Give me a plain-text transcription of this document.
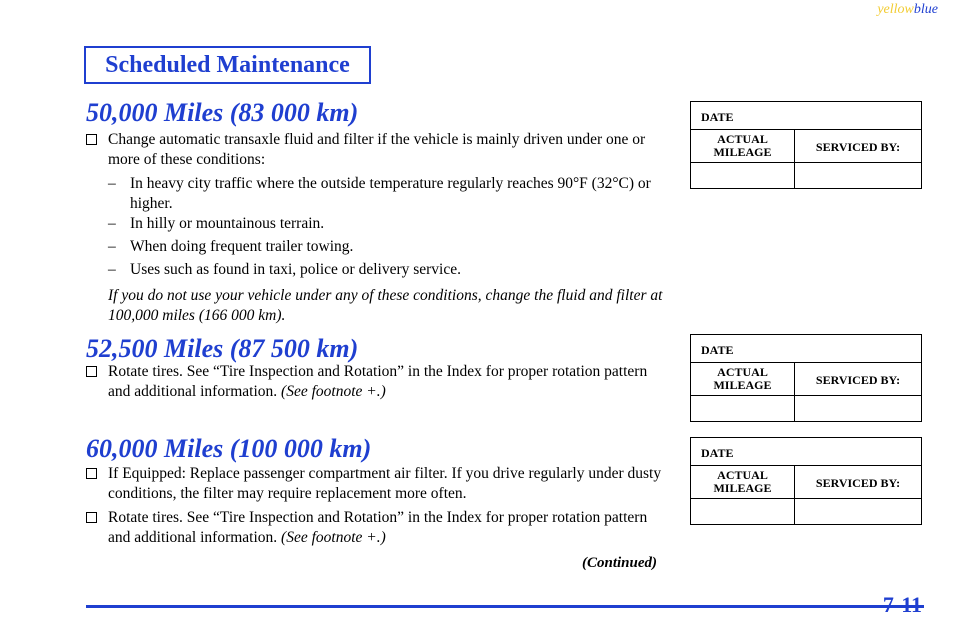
yellowblue
Scheduled Maintenance
50,000 Miles (83 000 km)
Change automatic transaxle fluid and filter if the vehicle is mainly driven under one or more of these conditions:
– In heavy city traffic where the outside temperature regularly reaches 90°F (32°C) or higher.
– In hilly or mountainous terrain.
– When doing frequent trailer towing.
– Uses such as found in taxi, police or delivery service.
If you do not use your vehicle under any of these conditions, change the fluid and filter at 100,000 miles (166 000 km).
52,500 Miles (87 500 km)
Rotate tires. See “Tire Inspection and Rotation” in the Index for proper rotation pattern and additional information. (See footnote +.)
60,000 Miles (100 000 km)
If Equipped: Replace passenger compartment air filter. If you drive regularly under dusty conditions, the filter may require replacement more often.
Rotate tires. See “Tire Inspection and Rotation” in the Index for proper rotation pattern and additional information. (See footnote +.)
(Continued)
DATE
ACTUAL
MILEAGE	SERVICED BY:
DATE
ACTUAL
MILEAGE	SERVICED BY:
DATE
ACTUAL
MILEAGE	SERVICED BY:
7-11
